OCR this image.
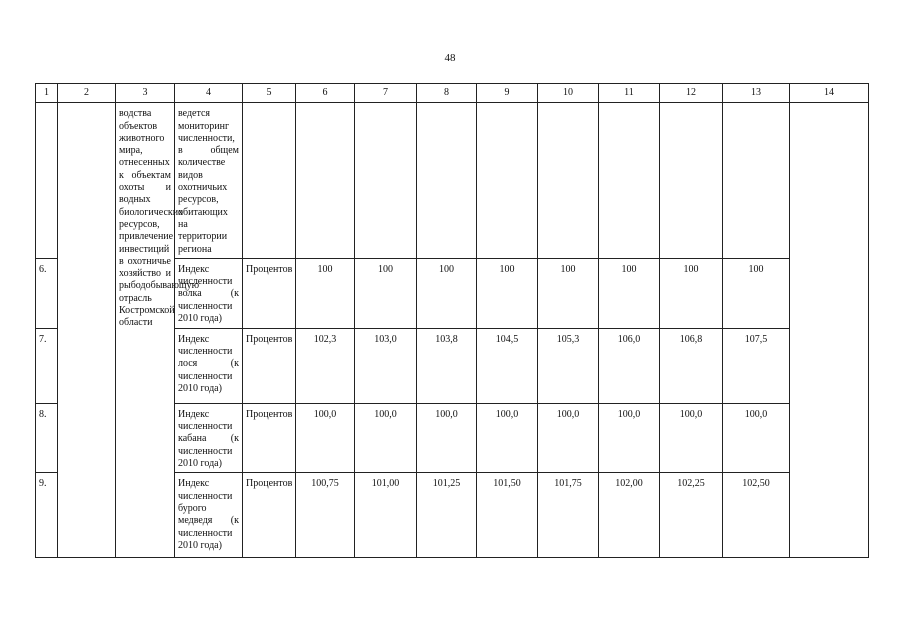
48
1	2	3	4	5	6	7	8	9	10	11	12	13	14
		водства объектов животного мира, отнесенных к объектам охоты и водных биологических ресурсов, привлечение инвестиций в охотничье хозяйство и рыбодобывающую отрасль Костромской области	ведется мониторинг численности, в общем количестве видов охотничьих ресурсов, обитающих на территории региона										
6.			Индекс численности волка (к численности 2010 года)	Процентов	100	100	100	100	100	100	100	100	
7.			Индекс численности лося (к численности 2010 года)	Процентов	102,3	103,0	103,8	104,5	105,3	106,0	106,8	107,5	
8.			Индекс численности кабана (к численности 2010 года)	Процентов	100,0	100,0	100,0	100,0	100,0	100,0	100,0	100,0	
9.			Индекс численности бурого медведя (к численности 2010 года)	Процентов	100,75	101,00	101,25	101,50	101,75	102,00	102,25	102,50	
